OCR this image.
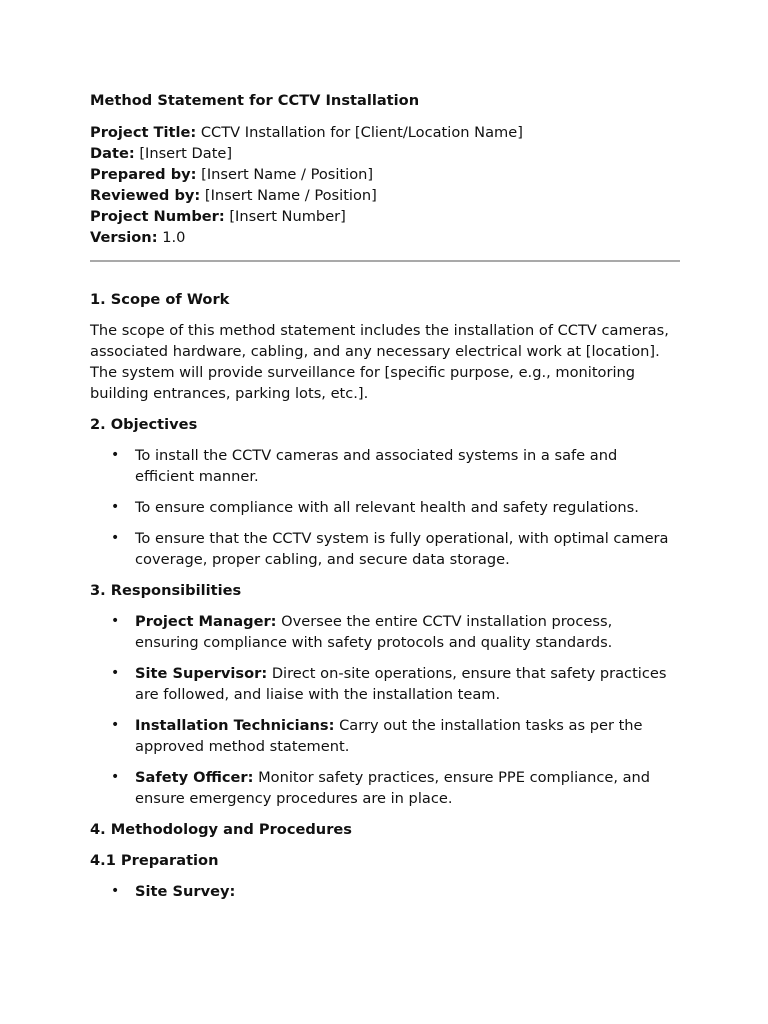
Method Statement for CCTV Installation

Project Title: CCTV Installation for [Client/Location Name]

Date: [Insert Date]

Prepared by: [Insert Name / Position]

Reviewed by: [Insert Name / Position]

Project Number: [Insert Number]

Version: 1.0

1. Scope of Work

The scope of this method statement includes the installation of CCTV cameras, associated hardware, cabling, and any necessary electrical work at [location]. The system will provide surveillance for [specific purpose, e.g., monitoring building entrances, parking lots, etc.].

2. Objectives
• To install the CCTV cameras and associated systems in a safe and efficient manner.
• To ensure compliance with all relevant health and safety regulations.
• To ensure that the CCTV system is fully operational, with optimal camera coverage, proper cabling, and secure data storage.
3. Responsibilities
• Project Manager: Oversee the entire CCTV installation process, ensuring compliance with safety protocols and quality standards.
• Site Supervisor: Direct on-site operations, ensure that safety practices are followed, and liaise with the installation team.
• Installation Technicians: Carry out the installation tasks as per the approved method statement.
• Safety Officer: Monitor safety practices, ensure PPE compliance, and ensure emergency procedures are in place.
4. Methodology and Procedures
4.1 Preparation
• Site Survey:
